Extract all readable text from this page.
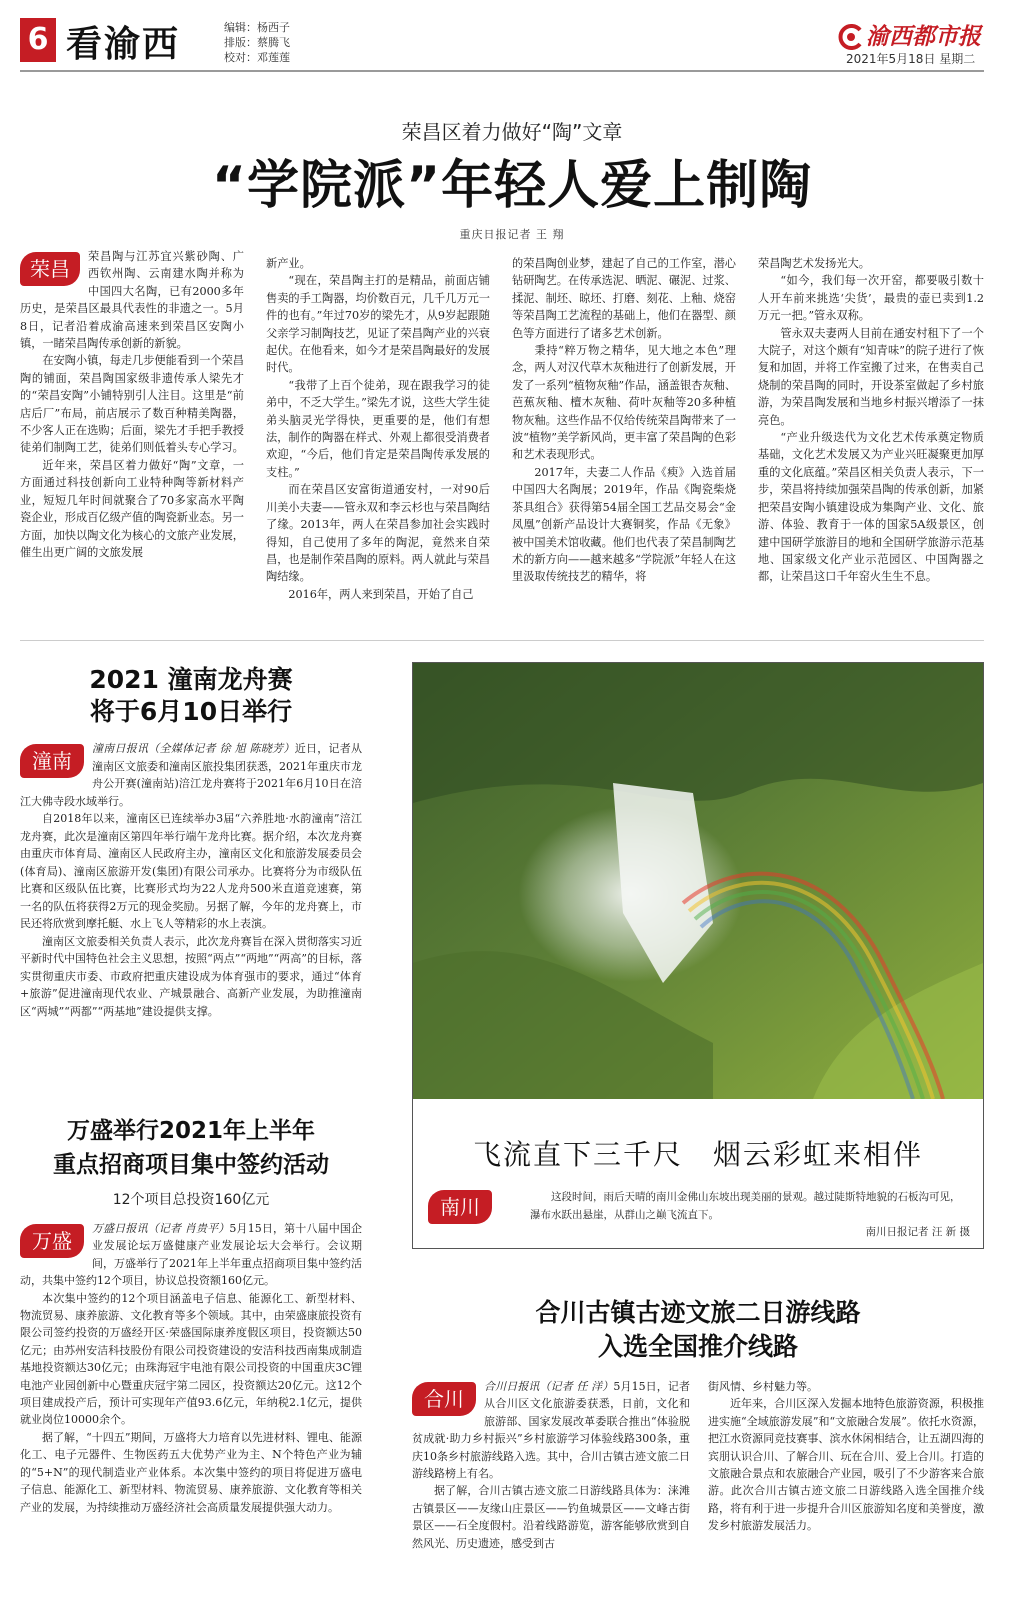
6 看渝西	编辑：杨西子
排版：蔡腾飞
校对：邓莲莲
渝西都市报
2021年5月18日 星期二
荣昌区着力做好“陶”文章
“学院派”年轻人爱上制陶
重庆日报记者 王 翔
荣昌

荣昌陶与江苏宜兴紫砂陶、广西钦州陶、云南建水陶并称为中国四大名陶，已有2000多年历史，是荣昌区最具代表性的非遗之一。5月8日，记者沿着成渝高速来到荣昌区安陶小镇，一睹荣昌陶传承创新的新貌。

在安陶小镇，每走几步便能看到一个荣昌陶的铺面，荣昌陶国家级非遗传承人梁先才的“荣昌安陶”小铺特别引人注目。这里是“前店后厂”布局，前店展示了数百种精美陶器，不少客人正在选购；后面，梁先才手把手教授徒弟们制陶工艺，徒弟们则低着头专心学习。

近年来，荣昌区着力做好“陶”文章，一方面通过科技创新向工业特种陶等新材料产业，短短几年时间就聚合了70多家高水平陶瓷企业，形成百亿级产值的陶瓷新业态。另一方面，加快以陶文化为核心的文旅产业发展，催生出更广阔的文旅发展

新产业。

“现在，荣昌陶主打的是精品，前面店铺售卖的手工陶器，均价数百元，几千几万元一件的也有。”年过70岁的梁先才，从9岁起跟随父亲学习制陶技艺，见证了荣昌陶产业的兴衰起伏。在他看来，如今才是荣昌陶最好的发展时代。

“我带了上百个徒弟，现在跟我学习的徒弟中，不乏大学生。”梁先才说，这些大学生徒弟头脑灵光学得快，更重要的是，他们有想法，制作的陶器在样式、外观上都很受消费者欢迎，“今后，他们肯定是荣昌陶传承发展的支柱。”

而在荣昌区安富街道通安村，一对90后川美小夫妻——管永双和李云杉也与荣昌陶结了缘。2013年，两人在荣昌参加社会实践时得知，自己使用了多年的陶泥，竟然来自荣昌，也是制作荣昌陶的原料。两人就此与荣昌陶结缘。

2016年，两人来到荣昌，开始了自己

的荣昌陶创业梦，建起了自己的工作室，潜心钻研陶艺。在传承选泥、晒泥、碾泥、过浆、揉泥、制坯、晾坯、打磨、刻花、上釉、烧窑等荣昌陶工艺流程的基础上，他们在器型、颜色等方面进行了诸多艺术创新。

秉持“粹万物之精华，见大地之本色”理念，两人对汉代草木灰釉进行了创新发展，开发了一系列“植物灰釉”作品，涵盖银杏灰釉、芭蕉灰釉、檀木灰釉、荷叶灰釉等20多种植物灰釉。这些作品不仅给传统荣昌陶带来了一波“植物”美学新风尚，更丰富了荣昌陶的色彩和艺术表现形式。

2017年，夫妻二人作品《瘐》入选首届中国四大名陶展；2019年，作品《陶瓷柴烧茶具组合》获得第54届全国工艺品交易会“金凤凰”创新产品设计大赛铜奖，作品《无象》被中国美术馆收藏。他们也代表了荣昌制陶艺术的新方向——越来越多“学院派”年轻人在这里汲取传统技艺的精华，将

荣昌陶艺术发扬光大。

“如今，我们每一次开窑，都要吸引数十人开车前来挑选‘尖货’，最贵的壶已卖到1.2万元一把。”管永双称。

管永双夫妻两人目前在通安村租下了一个大院子，对这个颇有“知青味”的院子进行了恢复和加固，并将工作室搬了过来，在售卖自己烧制的荣昌陶的同时，开设茶室做起了乡村旅游，为荣昌陶发展和当地乡村振兴增添了一抹亮色。

“产业升级迭代为文化艺术传承奠定物质基础，文化艺术发展又为产业兴旺凝聚更加厚重的文化底蕴。”荣昌区相关负责人表示，下一步，荣昌将持续加强荣昌陶的传承创新，加紧把荣昌安陶小镇建设成为集陶产业、文化、旅游、体验、教育于一体的国家5A级景区，创建中国研学旅游目的地和全国研学旅游示范基地、国家级文化产业示范园区、中国陶器之都，让荣昌这口千年窑火生生不息。

2021 潼南龙舟赛
将于6月10日举行
潼南

潼南日报讯（全媒体记者 徐 旭 陈晓芳）近日，记者从潼南区文旅委和潼南区旅投集团获悉，2021年重庆市龙舟公开赛(潼南站)涪江龙舟赛将于2021年6月10日在涪江大佛寺段水域举行。

自2018年以来，潼南区已连续举办3届“六养胜地·水韵潼南”涪江龙舟赛，此次是潼南区第四年举行端午龙舟比赛。据介绍，本次龙舟赛由重庆市体育局、潼南区人民政府主办，潼南区文化和旅游发展委员会(体育局)、潼南区旅游开发(集团)有限公司承办。比赛将分为市级队伍比赛和区级队伍比赛，比赛形式均为22人龙舟500米直道竞速赛，第一名的队伍将获得2万元的现金奖励。另据了解，今年的龙舟赛上，市民还将欣赏到摩托艇、水上飞人等精彩的水上表演。

潼南区文旅委相关负责人表示，此次龙舟赛旨在深入贯彻落实习近平新时代中国特色社会主义思想，按照“两点”“两地”“两高”的目标，落实贯彻重庆市委、市政府把重庆建设成为体育强市的要求，通过“体育+旅游”促进潼南现代农业、产城景融合、高新产业发展，为助推潼南区“两城”“两都”“两基地”建设提供支撑。

万盛举行2021年上半年
重点招商项目集中签约活动
12个项目总投资160亿元
万盛

万盛日报讯（记者 肖贵平）5月15日，第十八届中国企业发展论坛万盛健康产业发展论坛大会举行。会议期间，万盛举行了2021年上半年重点招商项目集中签约活动，共集中签约12个项目，协议总投资额160亿元。

本次集中签约的12个项目涵盖电子信息、能源化工、新型材料、物流贸易、康养旅游、文化教育等多个领域。其中，由荣盛康旅投资有限公司签约投资的万盛经开区·荣盛国际康养度假区项目，投资额达50亿元；由苏州安洁科技股份有限公司投资建设的安洁科技西南集成制造基地投资额达30亿元；由珠海冠宇电池有限公司投资的中国重庆3C锂电池产业园创新中心暨重庆冠宇第二园区，投资额达20亿元。这12个项目建成投产后，预计可实现年产值93.6亿元，年纳税2.1亿元，提供就业岗位10000余个。

据了解，“十四五”期间，万盛将大力培育以先进材料、锂电、能源化工、电子元器件、生物医药五大优势产业为主、N个特色产业为辅的“5+N”的现代制造业产业体系。本次集中签约的项目将促进万盛电子信息、能源化工、新型材料、物流贸易、康养旅游、文化教育等相关产业的发展，为持续推动万盛经济社会高质量发展提供强大动力。

飞流直下三千尺　烟云彩虹来相伴
南川	这段时间，雨后天晴的南川金佛山东坡出现美丽的景观。越过陡斯特地貌的石板沟可见，瀑布水跃出悬崖，从群山之巅飞流直下。
南川日报记者 汪 新 摄
合川古镇古迹文旅二日游线路
入选全国推介线路
合川

合川日报讯（记者 任 洋）5月15日，记者从合川区文化旅游委获悉，日前，文化和旅游部、国家发展改革委联合推出“体验脱贫成就·助力乡村振兴”乡村旅游学习体验线路300条，重庆10条乡村旅游线路入选。其中，合川古镇古迹文旅二日游线路榜上有名。

据了解，合川古镇古迹文旅二日游线路具体为：涞滩古镇景区——友缘山庄景区——钓鱼城景区——文峰古街景区——石全度假村。沿着线路游览，游客能够欣赏到自然风光、历史遗迹，感受到古

街风情、乡村魅力等。

近年来，合川区深入发掘本地特色旅游资源，积极推进实施“全域旅游发展”和“文旅融合发展”。依托水资源，把江水资源同竞技赛事、滨水休闲相结合，让五湖四海的宾朋认识合川、了解合川、玩在合川、爱上合川。打造的文旅融合景点和农旅融合产业园，吸引了不少游客来合旅游。此次合川古镇古迹文旅二日游线路入选全国推介线路，将有利于进一步提升合川区旅游知名度和美誉度，激发乡村旅游发展活力。
